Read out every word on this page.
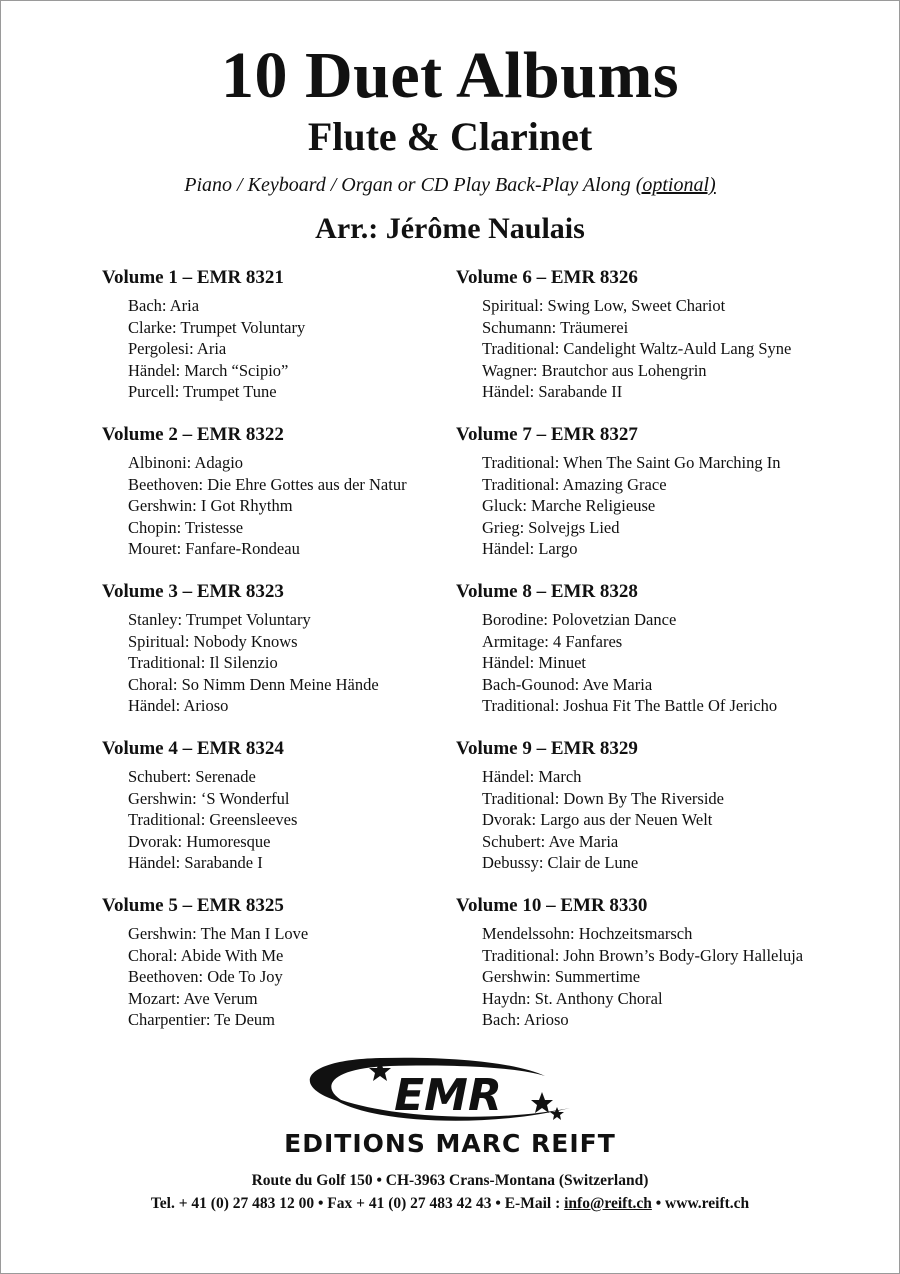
10 Duet Albums
Flute & Clarinet
Piano / Keyboard / Organ or CD Play Back-Play Along (optional)
Arr.: Jérôme Naulais
Volume 1 – EMR 8321
Bach: Aria
Clarke: Trumpet Voluntary
Pergolesi: Aria
Händel: March “Scipio”
Purcell: Trumpet Tune
Volume 2 – EMR 8322
Albinoni: Adagio
Beethoven: Die Ehre Gottes aus der Natur
Gershwin: I Got Rhythm
Chopin: Tristesse
Mouret: Fanfare-Rondeau
Volume 3 – EMR 8323
Stanley: Trumpet Voluntary
Spiritual: Nobody Knows
Traditional: Il Silenzio
Choral: So Nimm Denn Meine Hände
Händel: Arioso
Volume 4 – EMR 8324
Schubert: Serenade
Gershwin: ‘S Wonderful
Traditional: Greensleeves
Dvorak: Humoresque
Händel: Sarabande I
Volume 5 – EMR 8325
Gershwin: The Man I Love
Choral: Abide With Me
Beethoven: Ode To Joy
Mozart: Ave Verum
Charpentier: Te Deum
Volume 6 – EMR 8326
Spiritual: Swing Low, Sweet Chariot
Schumann: Träumerei
Traditional: Candelight Waltz-Auld Lang Syne
Wagner: Brautchor aus Lohengrin
Händel: Sarabande II
Volume 7 – EMR 8327
Traditional: When The Saint Go Marching In
Traditional: Amazing Grace
Gluck: Marche Religieuse
Grieg: Solvejgs Lied
Händel: Largo
Volume 8 – EMR 8328
Borodine: Polovetzian Dance
Armitage: 4 Fanfares
Händel: Minuet
Bach-Gounod: Ave Maria
Traditional: Joshua Fit The Battle Of Jericho
Volume 9 – EMR 8329
Händel: March
Traditional: Down By The Riverside
Dvorak: Largo aus der Neuen Welt
Schubert: Ave Maria
Debussy: Clair de Lune
Volume 10 – EMR 8330
Mendelssohn: Hochzeitsmarsch
Traditional: John Brown’s Body-Glory Halleluja
Gershwin: Summertime
Haydn: St. Anthony Choral
Bach: Arioso
EMR
EDITIONS MARC REIFT
Route du Golf 150 • CH-3963 Crans-Montana (Switzerland)
Tel. + 41 (0) 27 483 12 00 • Fax + 41 (0) 27 483 42 43 • E-Mail : info@reift.ch • www.reift.ch
